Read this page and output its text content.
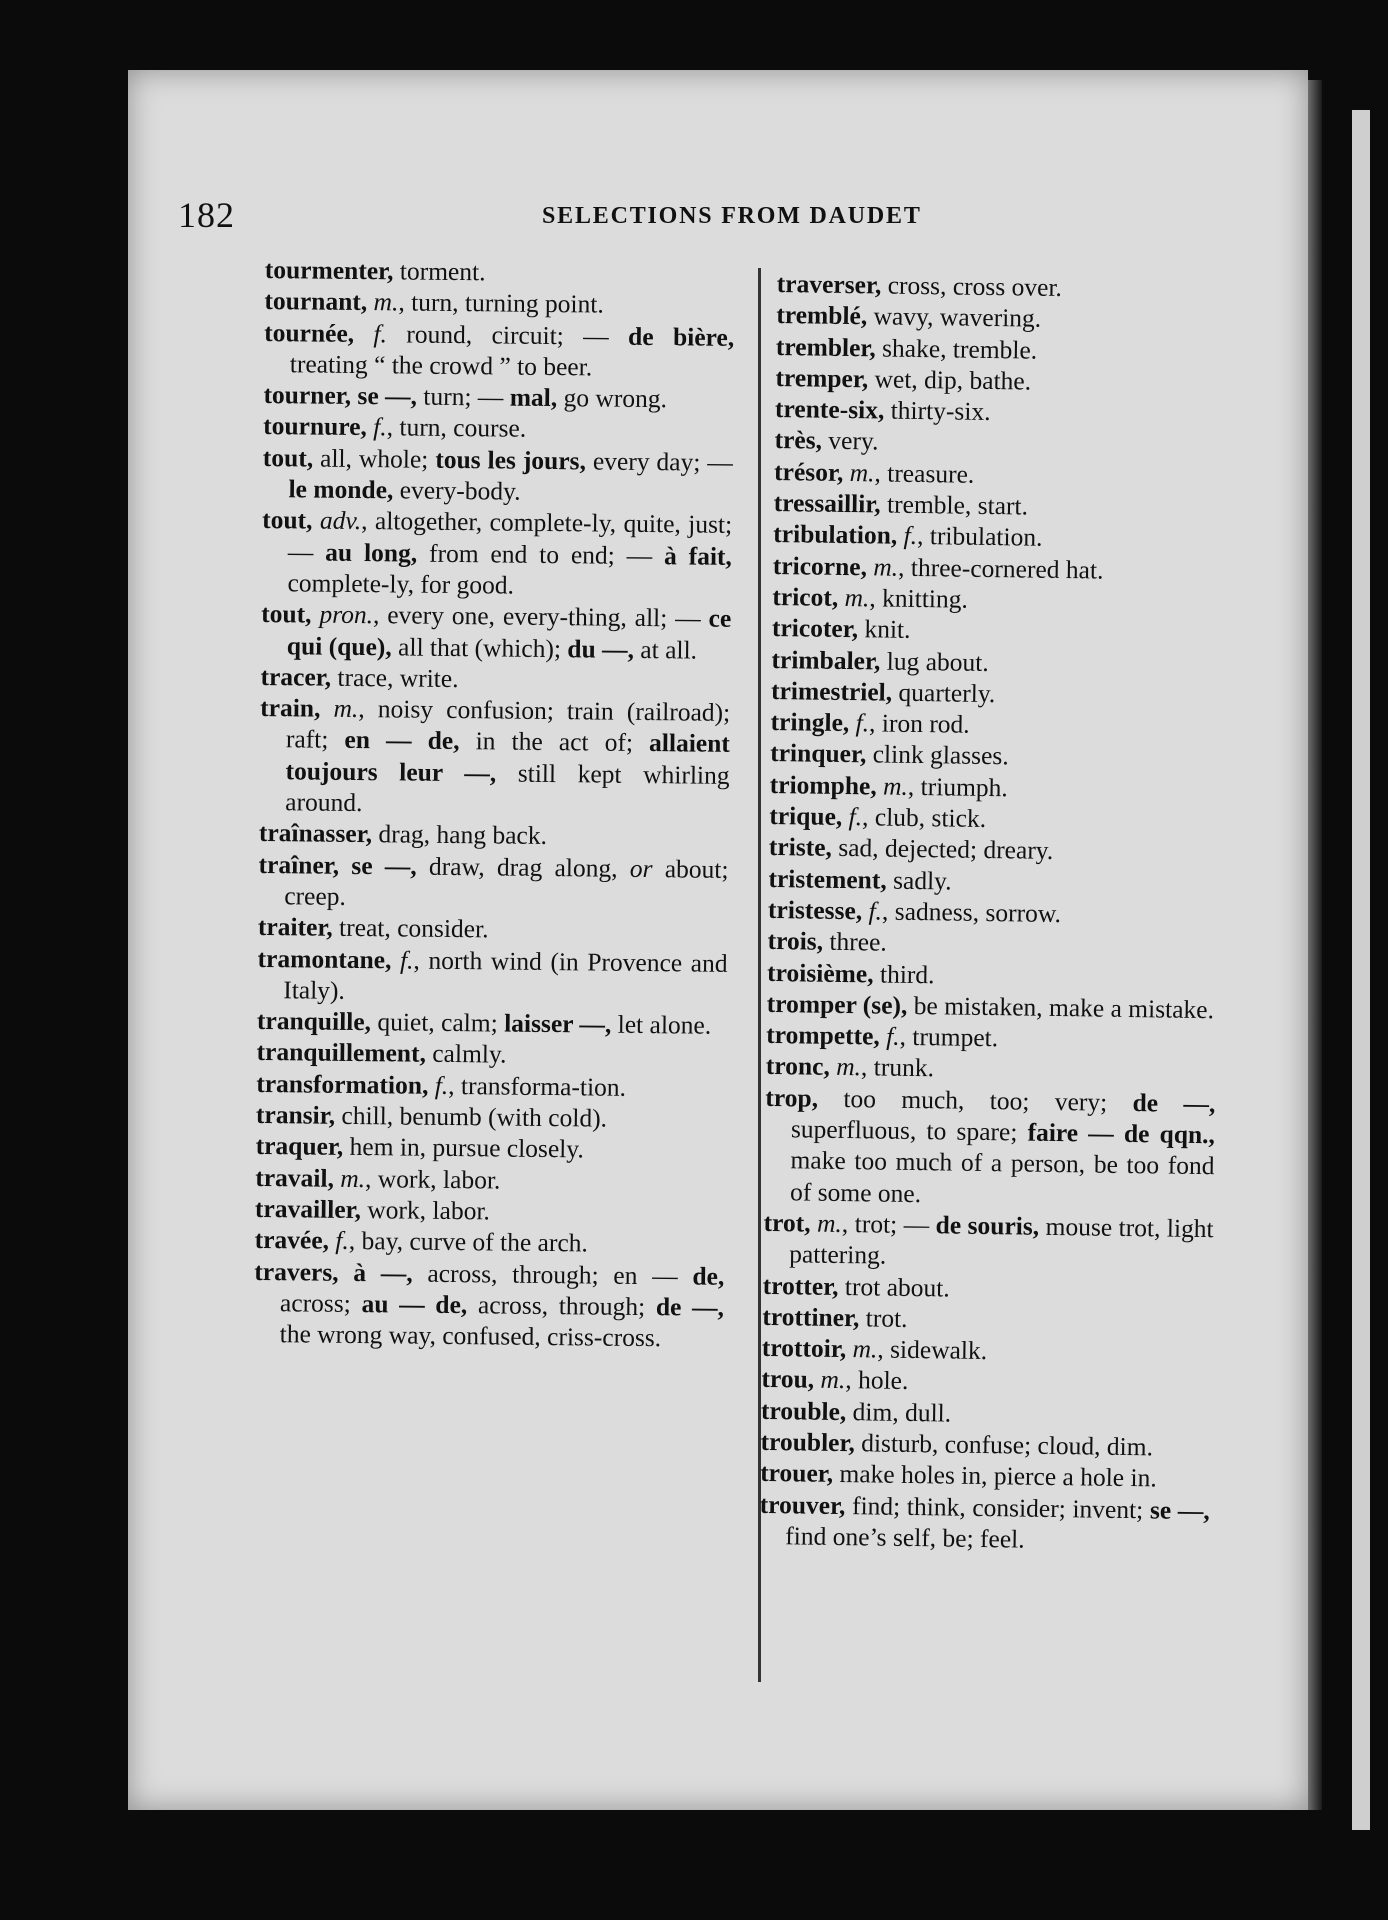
182	SELECTIONS FROM DAUDET

tourmenter, torment.

tournant, m., turn, turning point.

tournée, f. round, circuit; — de bière, treating “ the crowd ” to beer.

tourner, se —, turn; — mal, go wrong.

tournure, f., turn, course.

tout, all, whole; tous les jours, every day; — le monde, every-body.

tout, adv., altogether, complete-ly, quite, just; — au long, from end to end; — à fait, complete-ly, for good.

tout, pron., every one, every-thing, all; — ce qui (que), all that (which); du —, at all.

tracer, trace, write.

train, m., noisy confusion; train (railroad); raft; en — de, in the act of; allaient toujours leur —, still kept whirling around.

traînasser, drag, hang back.

traîner, se —, draw, drag along, or about; creep.

traiter, treat, consider.

tramontane, f., north wind (in Provence and Italy).

tranquille, quiet, calm; laisser —, let alone.

tranquillement, calmly.

transformation, f., transforma-tion.

transir, chill, benumb (with cold).

traquer, hem in, pursue closely.

travail, m., work, labor.

travailler, work, labor.

travée, f., bay, curve of the arch.

travers, à —, across, through; en — de, across; au — de, across, through; de —, the wrong way, confused, criss-cross.

traverser, cross, cross over.

tremblé, wavy, wavering.

trembler, shake, tremble.

tremper, wet, dip, bathe.

trente-six, thirty-six.

très, very.

trésor, m., treasure.

tressaillir, tremble, start.

tribulation, f., tribulation.

tricorne, m., three-cornered hat.

tricot, m., knitting.

tricoter, knit.

trimbaler, lug about.

trimestriel, quarterly.

tringle, f., iron rod.

trinquer, clink glasses.

triomphe, m., triumph.

trique, f., club, stick.

triste, sad, dejected; dreary.

tristement, sadly.

tristesse, f., sadness, sorrow.

trois, three.

troisième, third.

tromper (se), be mistaken, make a mistake.

trompette, f., trumpet.

tronc, m., trunk.

trop, too much, too; very; de —, superfluous, to spare; faire — de qqn., make too much of a person, be too fond of some one.

trot, m., trot; — de souris, mouse trot, light pattering.

trotter, trot about.

trottiner, trot.

trottoir, m., sidewalk.

trou, m., hole.

trouble, dim, dull.

troubler, disturb, confuse; cloud, dim.

trouer, make holes in, pierce a hole in.

trouver, find; think, consider; invent; se —, find one’s self, be; feel.
